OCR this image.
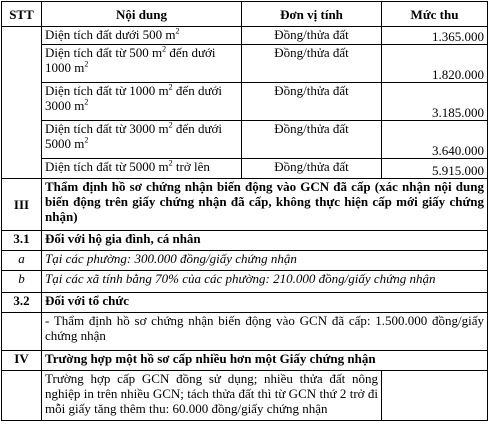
STT	Nội dung	Đơn vị tính	Mức thu
	Diện tích đất dưới 500 $m^2$	Đồng/thửa đất	1.365.000
	Diện tích đất từ 500 $m^2$ đến dưới 1000 $m^2$	Đồng/thửa đất	1.820.000
	Diện tích đất từ 1000 $m^2$ đến dưới 3000 $m^2$	Đồng/thửa đất	3.185.000
	Diện tích đất từ 3000 $m^2$ đến dưới 5000 $m^2$	Đồng/thửa đất	3.640.000
	Diện tích đất từ 5000 $m^2$ trở lên	Đồng/thửa đất	5.915.000
III	Thẩm định hồ sơ chứng nhận biến động vào GCN đã cấp (xác nhận nội dung biến động trên giấy chứng nhận đã cấp, không thực hiện cấp mới giấy chứng nhận)		
3.1	Đối với hộ gia đình, cá nhân		
a	Tại các phường: 300.000 đồng/giấy chứng nhận		
b	Tại các xã tính bằng 70% của các phường: 210.000 đồng/giấy chứng nhận		
3.2	Đối với tổ chức		
	- Thẩm định hồ sơ chứng nhận biến động vào GCN đã cấp: 1.500.000 đồng/giấy chứng nhận		
IV	Trường hợp một hồ sơ cấp nhiều hơn một Giấy chứng nhận		
	Trường hợp cấp GCN đồng sử dụng; nhiều thửa đất nông nghiệp in trên nhiều GCN; tách thửa đất thì từ GCN thứ 2 trở đi mỗi giấy tăng thêm thu: 60.000 đồng/giấy chứng nhận		
